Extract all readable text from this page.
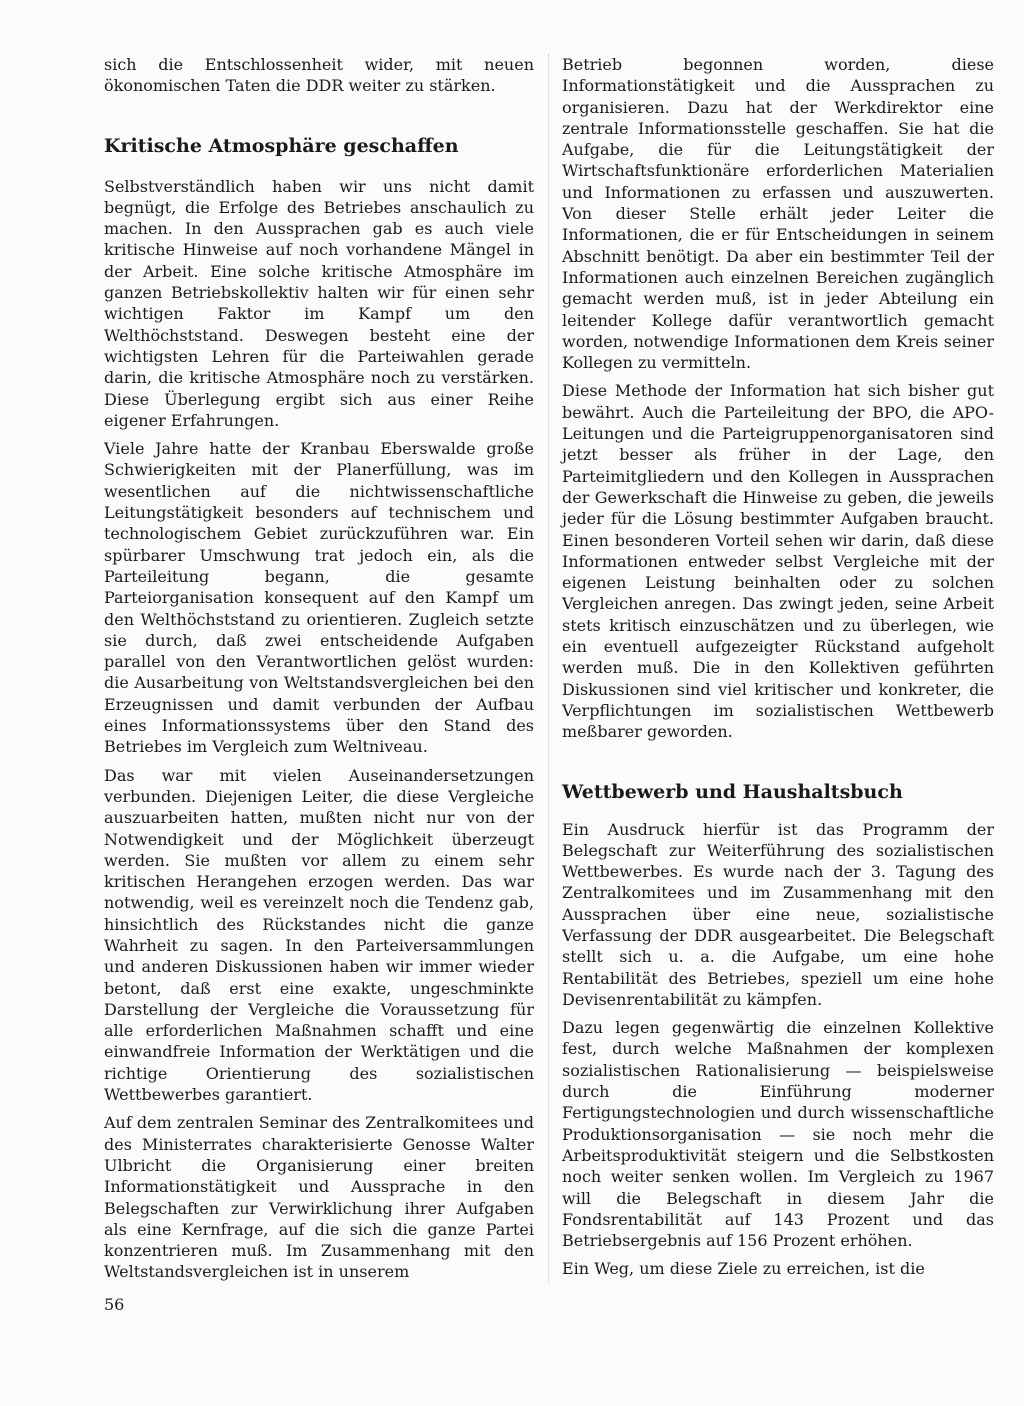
sich die Entschlossenheit wider, mit neuen ökonomischen Taten die DDR weiter zu stärken.

Kritische Atmosphäre geschaffen

Selbstverständlich haben wir uns nicht damit begnügt, die Erfolge des Betriebes anschaulich zu machen. In den Aussprachen gab es auch viele kritische Hinweise auf noch vorhandene Mängel in der Arbeit. Eine solche kritische Atmosphäre im ganzen Betriebskollektiv halten wir für einen sehr wichtigen Faktor im Kampf um den Welthöchststand. Deswegen besteht eine der wichtigsten Lehren für die Parteiwahlen gerade darin, die kritische Atmosphäre noch zu verstärken. Diese Überlegung ergibt sich aus einer Reihe eigener Erfahrungen.

Viele Jahre hatte der Kranbau Eberswalde große Schwierigkeiten mit der Planerfüllung, was im wesentlichen auf die nichtwissenschaftliche Leitungstätigkeit besonders auf technischem und technologischem Gebiet zurückzuführen war. Ein spürbarer Umschwung trat jedoch ein, als die Parteileitung begann, die gesamte Parteiorganisation konsequent auf den Kampf um den Welthöchststand zu orientieren. Zugleich setzte sie durch, daß zwei entscheidende Aufgaben parallel von den Verantwortlichen gelöst wurden: die Ausarbeitung von Weltstandsvergleichen bei den Erzeugnissen und damit verbunden der Aufbau eines Informationssystems über den Stand des Betriebes im Vergleich zum Weltniveau.

Das war mit vielen Auseinandersetzungen verbunden. Diejenigen Leiter, die diese Vergleiche auszuarbeiten hatten, mußten nicht nur von der Notwendigkeit und der Möglichkeit überzeugt werden. Sie mußten vor allem zu einem sehr kritischen Herangehen erzogen werden. Das war notwendig, weil es vereinzelt noch die Tendenz gab, hinsichtlich des Rückstandes nicht die ganze Wahrheit zu sagen. In den Parteiversammlungen und anderen Diskussionen haben wir immer wieder betont, daß erst eine exakte, ungeschminkte Darstellung der Vergleiche die Voraussetzung für alle erforderlichen Maßnahmen schafft und eine einwandfreie Information der Werktätigen und die richtige Orientierung des sozialistischen Wettbewerbes garantiert.

Auf dem zentralen Seminar des Zentralkomitees und des Ministerrates charakterisierte Genosse Walter Ulbricht die Organisierung einer breiten Informationstätigkeit und Aussprache in den Belegschaften zur Verwirklichung ihrer Aufgaben als eine Kernfrage, auf die sich die ganze Partei konzentrieren muß. Im Zusammenhang mit den Weltstandsvergleichen ist in unserem

Betrieb begonnen worden, diese Informationstätigkeit und die Aussprachen zu organisieren. Dazu hat der Werkdirektor eine zentrale Informationsstelle geschaffen. Sie hat die Aufgabe, die für die Leitungstätigkeit der Wirtschaftsfunktionäre erforderlichen Materialien und Informationen zu erfassen und auszuwerten. Von dieser Stelle erhält jeder Leiter die Informationen, die er für Entscheidungen in seinem Abschnitt benötigt. Da aber ein bestimmter Teil der Informationen auch einzelnen Bereichen zugänglich gemacht werden muß, ist in jeder Abteilung ein leitender Kollege dafür verantwortlich gemacht worden, notwendige Informationen dem Kreis seiner Kollegen zu vermitteln.

Diese Methode der Information hat sich bisher gut bewährt. Auch die Parteileitung der BPO, die APO-Leitungen und die Parteigruppenorganisatoren sind jetzt besser als früher in der Lage, den Parteimitgliedern und den Kollegen in Aussprachen der Gewerkschaft die Hinweise zu geben, die jeweils jeder für die Lösung bestimmter Aufgaben braucht. Einen besonderen Vorteil sehen wir darin, daß diese Informationen entweder selbst Vergleiche mit der eigenen Leistung beinhalten oder zu solchen Vergleichen anregen. Das zwingt jeden, seine Arbeit stets kritisch einzuschätzen und zu überlegen, wie ein eventuell aufgezeigter Rückstand aufgeholt werden muß. Die in den Kollektiven geführten Diskussionen sind viel kritischer und konkreter, die Verpflichtungen im sozialistischen Wettbewerb meßbarer geworden.

Wettbewerb und Haushaltsbuch

Ein Ausdruck hierfür ist das Programm der Belegschaft zur Weiterführung des sozialistischen Wettbewerbes. Es wurde nach der 3. Tagung des Zentralkomitees und im Zusammenhang mit den Aussprachen über eine neue, sozialistische Verfassung der DDR ausgearbeitet. Die Belegschaft stellt sich u. a. die Aufgabe, um eine hohe Rentabilität des Betriebes, speziell um eine hohe Devisenrentabilität zu kämpfen.

Dazu legen gegenwärtig die einzelnen Kollektive fest, durch welche Maßnahmen der komplexen sozialistischen Rationalisierung — beispielsweise durch die Einführung moderner Fertigungstechnologien und durch wissenschaftliche Produktionsorganisation — sie noch mehr die Arbeitsproduktivität steigern und die Selbstkosten noch weiter senken wollen. Im Vergleich zu 1967 will die Belegschaft in diesem Jahr die Fondsrentabilität auf 143 Prozent und das Betriebsergebnis auf 156 Prozent erhöhen.

Ein Weg, um diese Ziele zu erreichen, ist die

56
